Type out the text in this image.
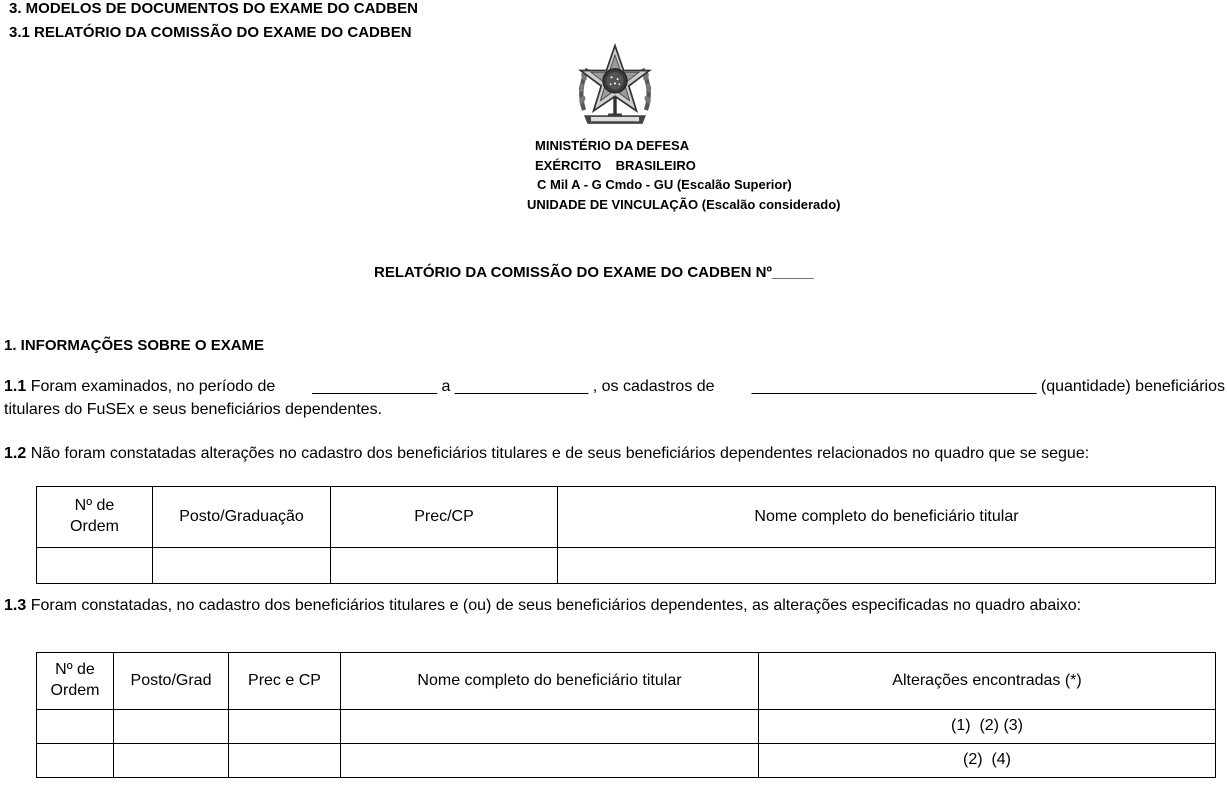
3. MODELOS DE DOCUMENTOS DO EXAME DO CADBEN
3.1 RELATÓRIO DA COMISSÃO DO EXAME DO CADBEN
MINISTÉRIO DA DEFESA
EXÉRCITO    BRASILEIRO
C Mil A - G Cmdo - GU (Escalão Superior)
UNIDADE DE VINCULAÇÃO (Escalão considerado)
RELATÓRIO DA COMISSÃO DO EXAME DO CADBEN Nº_____
1. INFORMAÇÕES SOBRE O EXAME
1.1 Foram examinados, no período de ______________ a _______________ , os cadastros de ________________________________ (quantidade) beneficiários
titulares do FuSEx e seus beneficiários dependentes.
1.2 Não foram constatadas alterações no cadastro dos beneficiários titulares e de seus beneficiários dependentes relacionados no quadro que se segue:
Nº de Ordem	Posto/Graduação	Prec/CP	Nome completo do beneficiário titular

1.3 Foram constatadas, no cadastro dos beneficiários titulares e (ou) de seus beneficiários dependentes, as alterações especificadas no quadro abaixo:
Nº de Ordem	Posto/Grad	Prec e CP	Nome completo do beneficiário titular	Alterações encontradas (*)
				(1)  (2) (3)
				(2)  (4)
